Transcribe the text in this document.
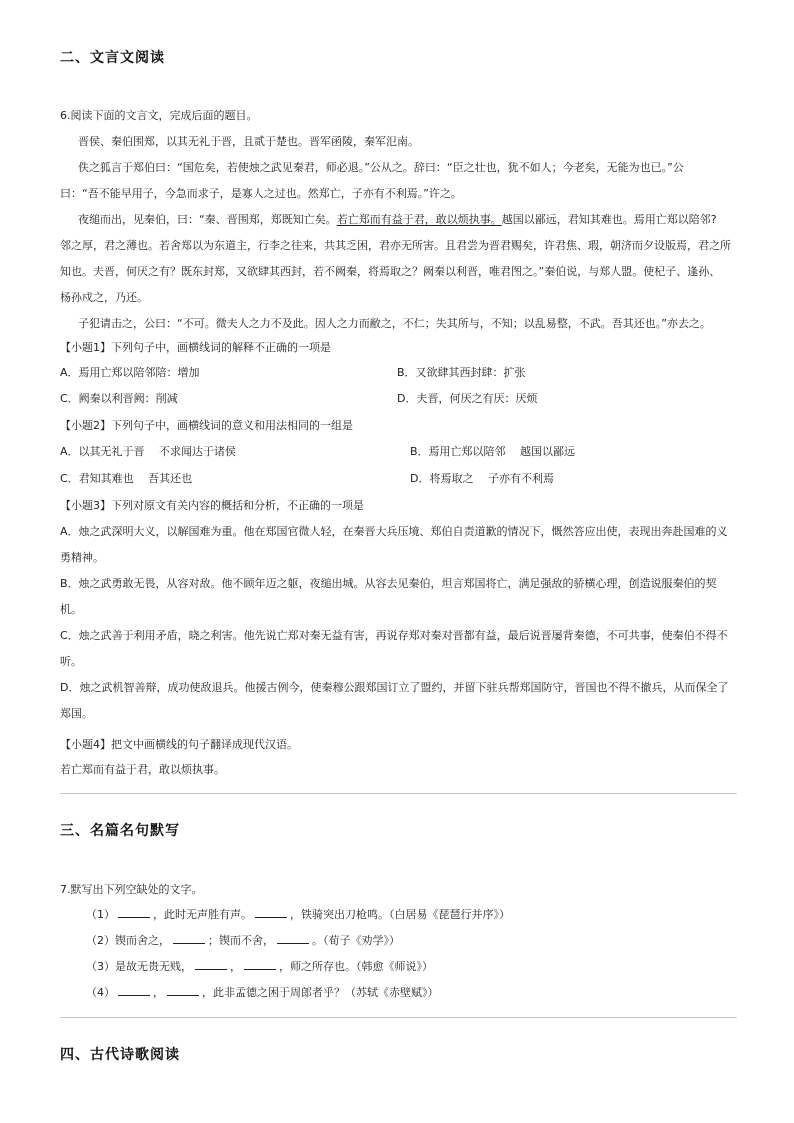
二、文言文阅读
6.阅读下面的文言文，完成后面的题目。
晋侯、秦伯围郑，以其无礼于晋，且贰于楚也。晋军函陵，秦军氾南。
佚之狐言于郑伯曰：“国危矣，若使烛之武见秦君，师必退。”公从之。辞曰：“臣之壮也，犹不如人；今老矣，无能为也已。”公
曰：“吾不能早用子，今急而求子，是寡人之过也。然郑亡，子亦有不利焉。”许之。
夜缒而出，见秦伯，曰：“秦、晋围郑，郑既知亡矣。若亡郑而有益于君，敢以烦执事。越国以鄙远，君知其难也。焉用亡郑以陪邻?
邻之厚，君之薄也。若舍郑以为东道主，行李之往来，共其乏困，君亦无所害。且君尝为晋君赐矣，许君焦、瑕，朝济而夕设版焉，君之所
知也。夫晋，何厌之有？既东封郑，又欲肆其西封，若不阙秦，将焉取之？阙秦以利晋，唯君图之。”秦伯说，与郑人盟。使杞子、逢孙、
杨孙戍之，乃还。
子犯请击之，公曰：“不可。微夫人之力不及此。因人之力而敝之，不仁；失其所与，不知；以乱易整，不武。吾其还也。”亦去之。
【小题1】下列句子中，画横线词的解释不正确的一项是
A．焉用亡郑以陪邻陪：增加	B．又欲肆其西封肆：扩张
C．阙秦以利晋阙：削减	D．夫晋，何厌之有厌：厌烦
【小题2】下列句子中，画横线词的意义和用法相同的一组是
A．以其无礼于晋　 不求闻达于诸侯	B．焉用亡郑以陪邻　 越国以鄙远
C．君知其难也　 吾其还也	D．将焉取之　 子亦有不利焉
【小题3】下列对原文有关内容的概括和分析，不正确的一项是
A．烛之武深明大义，以解国难为重。他在郑国官微人轻，在秦晋大兵压境、郑伯自责道歉的情况下，慨然答应出使，表现出奔赴国难的义
勇精神。
B．烛之武勇敢无畏，从容对敌。他不顾年迈之躯，夜缒出城。从容去见秦伯，坦言郑国将亡，满足强敌的骄横心理，创造说服秦伯的契
机。
C．烛之武善于利用矛盾，晓之利害。他先说亡郑对秦无益有害，再说存郑对秦对晋都有益，最后说晋屡背秦德，不可共事，使秦伯不得不
听。
D．烛之武机智善辩，成功使敌退兵。他援古例今，使秦穆公跟郑国订立了盟约，并留下驻兵帮郑国防守，晋国也不得不撤兵，从而保全了
郑国。
【小题4】把文中画横线的句子翻译成现代汉语。
若亡郑而有益于君，敢以烦执事。
三、名篇名句默写
7.默写出下列空缺处的文字。
（1）	，此时无声胜有声。	，铁骑突出刀枪鸣。（白居易《琵琶行并序》）
（2）锲而舍之，	；锲而不舍，	。（荀子《劝学》）
（3）是故无贵无贱，	，	，师之所存也。（韩愈《师说》）
（4）	，	，此非孟德之困于周郎者乎？（苏轼《赤壁赋》）
四、古代诗歌阅读
